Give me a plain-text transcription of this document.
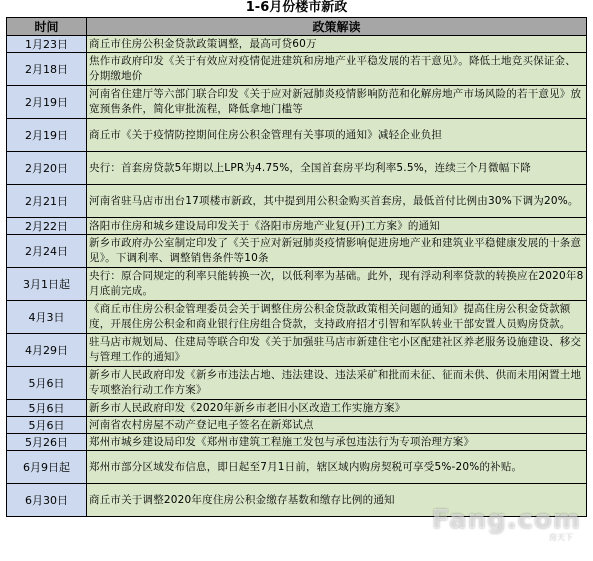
1-6月份楼市新政
时间	政策解读
1月23日	商丘市住房公积金贷款政策调整，最高可贷60万
2月18日	焦作市政府印发《关于有效应对疫情促进建筑和房地产业平稳发展的若干意见》。降低土地竞买保证金、分期缴地价
2月19日	河南省住建厅等六部门联合印发《关于应对新冠肺炎疫情影响防范和化解房地产市场风险的若干意见》放宽预售条件，简化审批流程，降低拿地门槛等
2月19日	商丘市《关于疫情防控期间住房公积金管理有关事项的通知》减轻企业负担
2月20日	央行：首套房贷款5年期以上LPR为4.75%，全国首套房平均利率5.5%，连续三个月微幅下降
2月21日	河南省驻马店市出台17项楼市新政，其中提到用公积金购买首套房，最低首付比例由30%下调为20%。
2月22日	洛阳市住房和城乡建设局印发关于《洛阳市房地产业复(开)工方案》的通知
2月24日	新乡市政府办公室制定印发了《关于应对新冠肺炎疫情影响促进房地产业和建筑业平稳健康发展的十条意见》。下调利率、调整销售条件等10条
3月1日起	央行：原合同规定的利率只能转换一次，以低利率为基础。此外，现有浮动利率贷款的转换应在2020年8月底前完成。
4月3日	《商丘市住房公积金管理委员会关于调整住房公积金贷款政策相关问题的通知》提高住房公积金贷款额度，开展住房公积金和商业银行住房组合贷款，支持政府招才引智和军队转业干部安置人员购房贷款。
4月29日	驻马店市规划局、住建局等联合印发《关于加强驻马店市新建住宅小区配建社区养老服务设施建设、移交与管理工作的通知》
5月6日	新乡市人民政府印发《新乡市违法占地、违法建设、违法采矿和批而未征、征而未供、供而未用闲置土地专项整治行动工作方案》
5月6日	新乡市人民政府印发《2020年新乡市老旧小区改造工作实施方案》
5月6日	河南省农村房屋不动产登记电子签名在新郑试点
5月26日	郑州市城乡建设局印发《郑州市建筑工程施工发包与承包违法行为专项治理方案》
6月9日起	郑州市部分区域发布信息，即日起至7月1日前，辖区域内购房契税可享受5%-20%的补贴。
6月30日	商丘市关于调整2020年度住房公积金缴存基数和缴存比例的通知
Fang.com
房天下
